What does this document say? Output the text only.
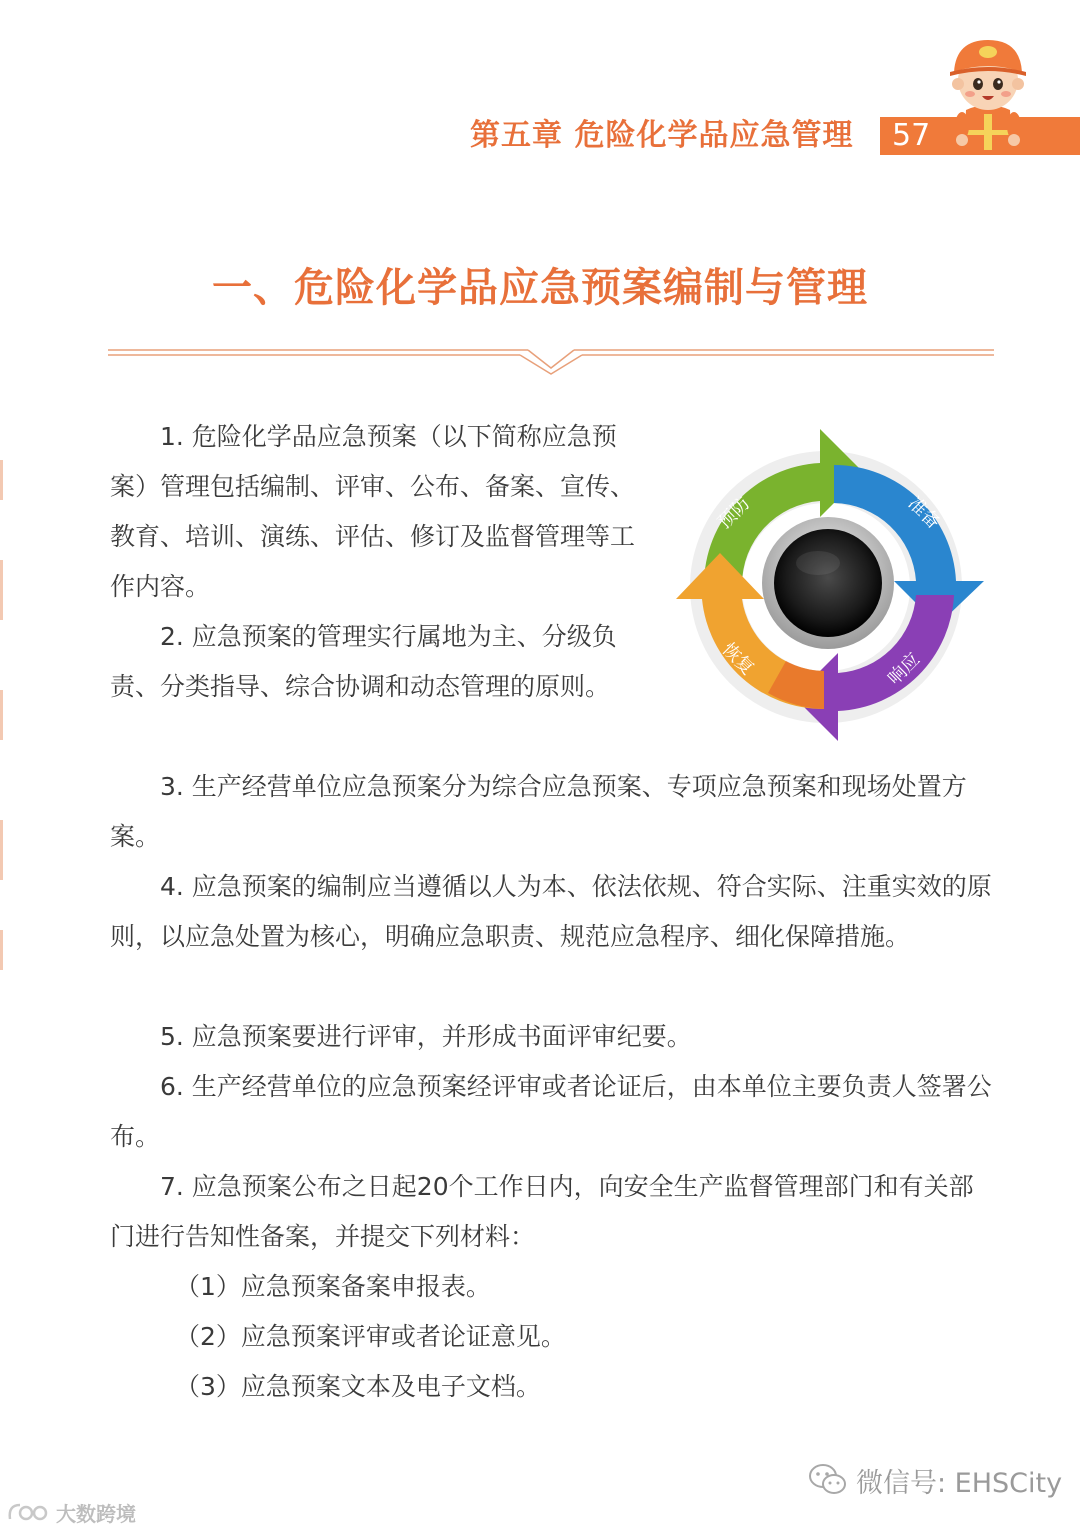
第五章 危险化学品应急管理	57
一、危险化学品应急预案编制与管理

1. 危险化学品应急预案（以下简称应急预案）管理包括编制、评审、公布、备案、宣传、教育、培训、演练、评估、修订及监督管理等工作内容。

2. 应急预案的管理实行属地为主、分级负责、分类指导、综合协调和动态管理的原则。

3. 生产经营单位应急预案分为综合应急预案、专项应急预案和现场处置方案。

4. 应急预案的编制应当遵循以人为本、依法依规、符合实际、注重实效的原则，以应急处置为核心，明确应急职责、规范应急程序、细化保障措施。

5. 应急预案要进行评审，并形成书面评审纪要。

6. 生产经营单位的应急预案经评审或者论证后，由本单位主要负责人签署公布。

7. 应急预案公布之日起20个工作日内，向安全生产监督管理部门和有关部门进行告知性备案，并提交下列材料：

（1）应急预案备案申报表。

（2）应急预案评审或者论证意见。

（3）应急预案文本及电子文档。

预防	准备
响应
恢复
微信号: EHSCity
大数跨境
